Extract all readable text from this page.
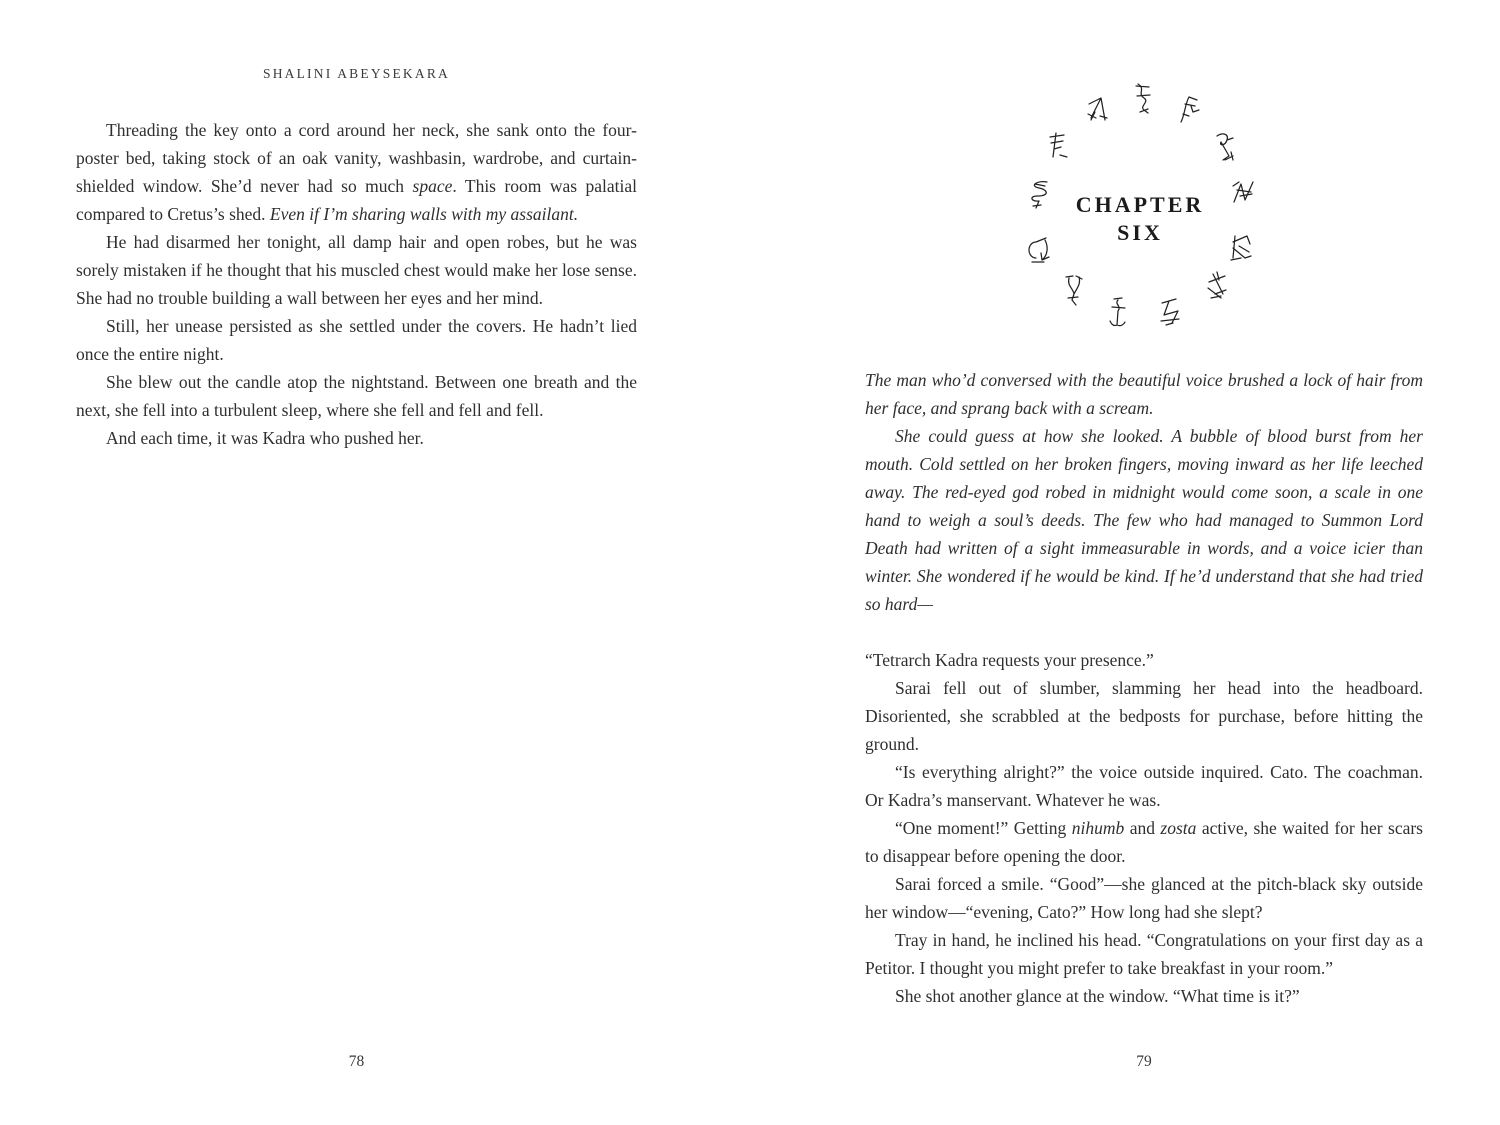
SHALINI ABEYSEKARA

Threading the key onto a cord around her neck, she sank onto the four-poster bed, taking stock of an oak vanity, washbasin, wardrobe, and curtain-shielded window. She’d never had so much space. This room was palatial compared to Cretus’s shed. Even if I’m sharing walls with my assailant.

He had disarmed her tonight, all damp hair and open robes, but he was sorely mistaken if he thought that his muscled chest would make her lose sense. She had no trouble building a wall between her eyes and her mind.

Still, her unease persisted as she settled under the covers. He hadn’t lied once the entire night.

She blew out the candle atop the nightstand. Between one breath and the next, she fell into a turbulent sleep, where she fell and fell and fell.

And each time, it was Kadra who pushed her.

78
CHAPTER
SIX

The man who’d conversed with the beautiful voice brushed a lock of hair from her face, and sprang back with a scream.

She could guess at how she looked. A bubble of blood burst from her mouth. Cold settled on her broken fingers, moving inward as her life leeched away. The red-eyed god robed in midnight would come soon, a scale in one hand to weigh a soul’s deeds. The few who had managed to Summon Lord Death had written of a sight immeasurable in words, and a voice icier than winter. She wondered if he would be kind. If he’d understand that she had tried so hard—

“Tetrarch Kadra requests your presence.”

Sarai fell out of slumber, slamming her head into the headboard. Disoriented, she scrabbled at the bedposts for purchase, before hitting the ground.

“Is everything alright?” the voice outside inquired. Cato. The coachman. Or Kadra’s manservant. Whatever he was.

“One moment!” Getting nihumb and zosta active, she waited for her scars to disappear before opening the door.

Sarai forced a smile. “Good”—she glanced at the pitch-black sky outside her window—“evening, Cato?” How long had she slept?

Tray in hand, he inclined his head. “Congratulations on your first day as a Petitor. I thought you might prefer to take breakfast in your room.”

She shot another glance at the window. “What time is it?”

79
